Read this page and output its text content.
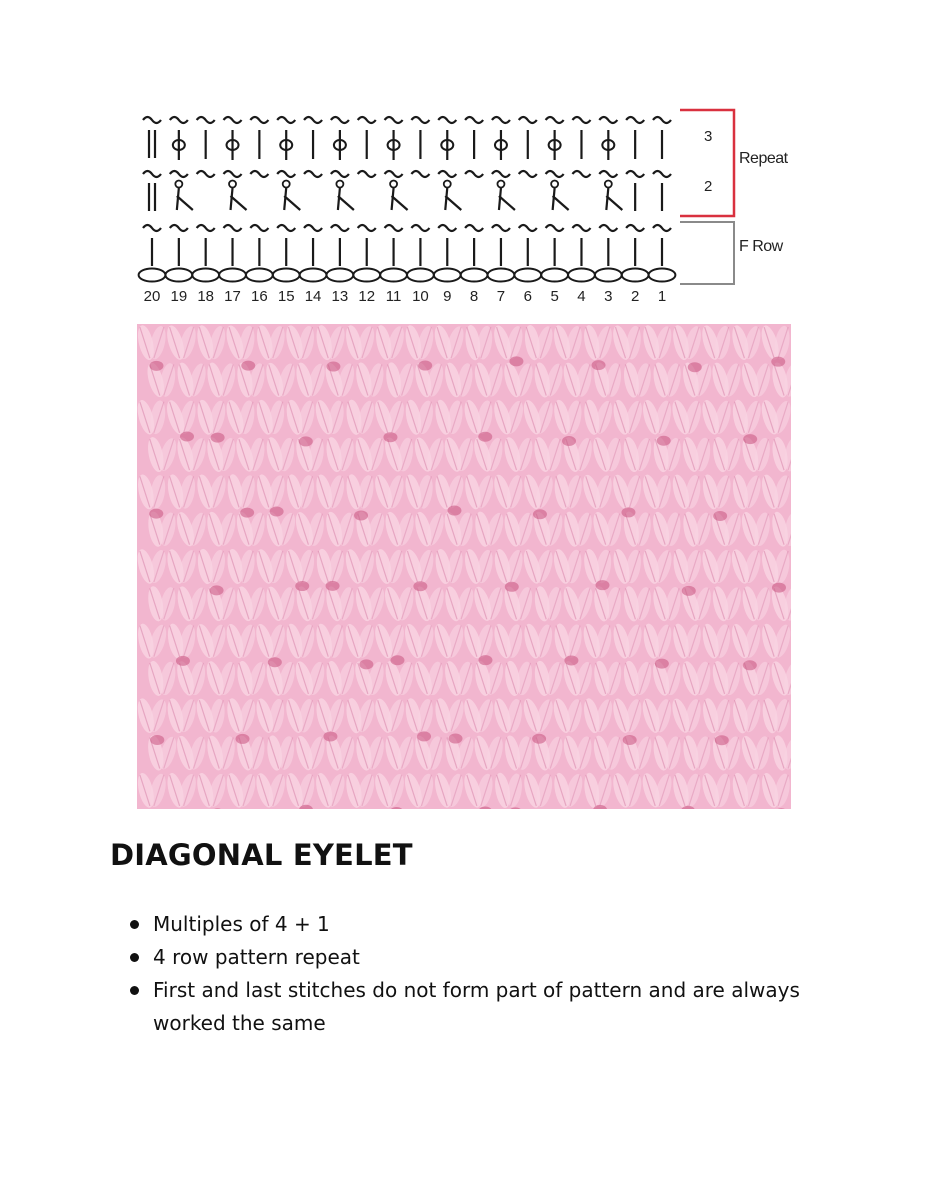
20 19 18 17 16 15 14 13 12 11 10 9 8 7 6 5 4 3 2 1
3
2
Repeat
F Row
DIAGONAL EYELET
Multiples of 4 + 1
4 row pattern repeat
First and last stitches do not form part of pattern and are always worked the same
